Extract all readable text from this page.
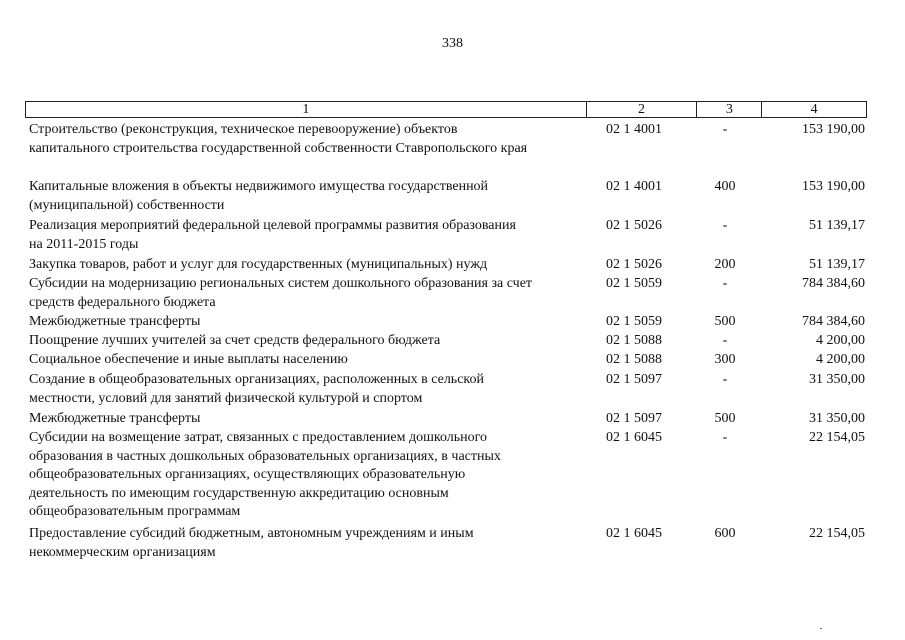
338
1	2	3	4
Строительство (реконструкция, техническое перевооружение) объектов
капитального строительства государственной собственности Ставропольского края
02 1 4001	-	153 190,00
Капитальные вложения в объекты недвижимого имущества государственной
(муниципальной) собственности
02 1 4001	400	153 190,00
Реализация мероприятий федеральной целевой программы развития образования
на 2011-2015 годы
02 1 5026	-	51 139,17
Закупка товаров, работ и услуг для государственных (муниципальных) нужд	02 1 5026	200	51 139,17
Субсидии на модернизацию региональных систем дошкольного образования за счет
средств федерального бюджета
02 1 5059	-	784 384,60
Межбюджетные трансферты	02 1 5059	500	784 384,60
Поощрение лучших учителей за счет средств федерального бюджета	02 1 5088	-	4 200,00
Социальное обеспечение и иные выплаты населению	02 1 5088	300	4 200,00
Создание в общеобразовательных организациях, расположенных в сельской
местности, условий для занятий физической культурой и спортом
02 1 5097	-	31 350,00
Межбюджетные трансферты	02 1 5097	500	31 350,00
Субсидии на возмещение затрат, связанных с предоставлением дошкольного
образования в частных дошкольных образовательных организациях, в частных
общеобразовательных организациях, осуществляющих образовательную
деятельность по имеющим государственную аккредитацию основным
общеобразовательным программам
02 1 6045	-	22 154,05
Предоставление субсидий бюджетным, автономным учреждениям и иным
некоммерческим организациям
02 1 6045	600	22 154,05
